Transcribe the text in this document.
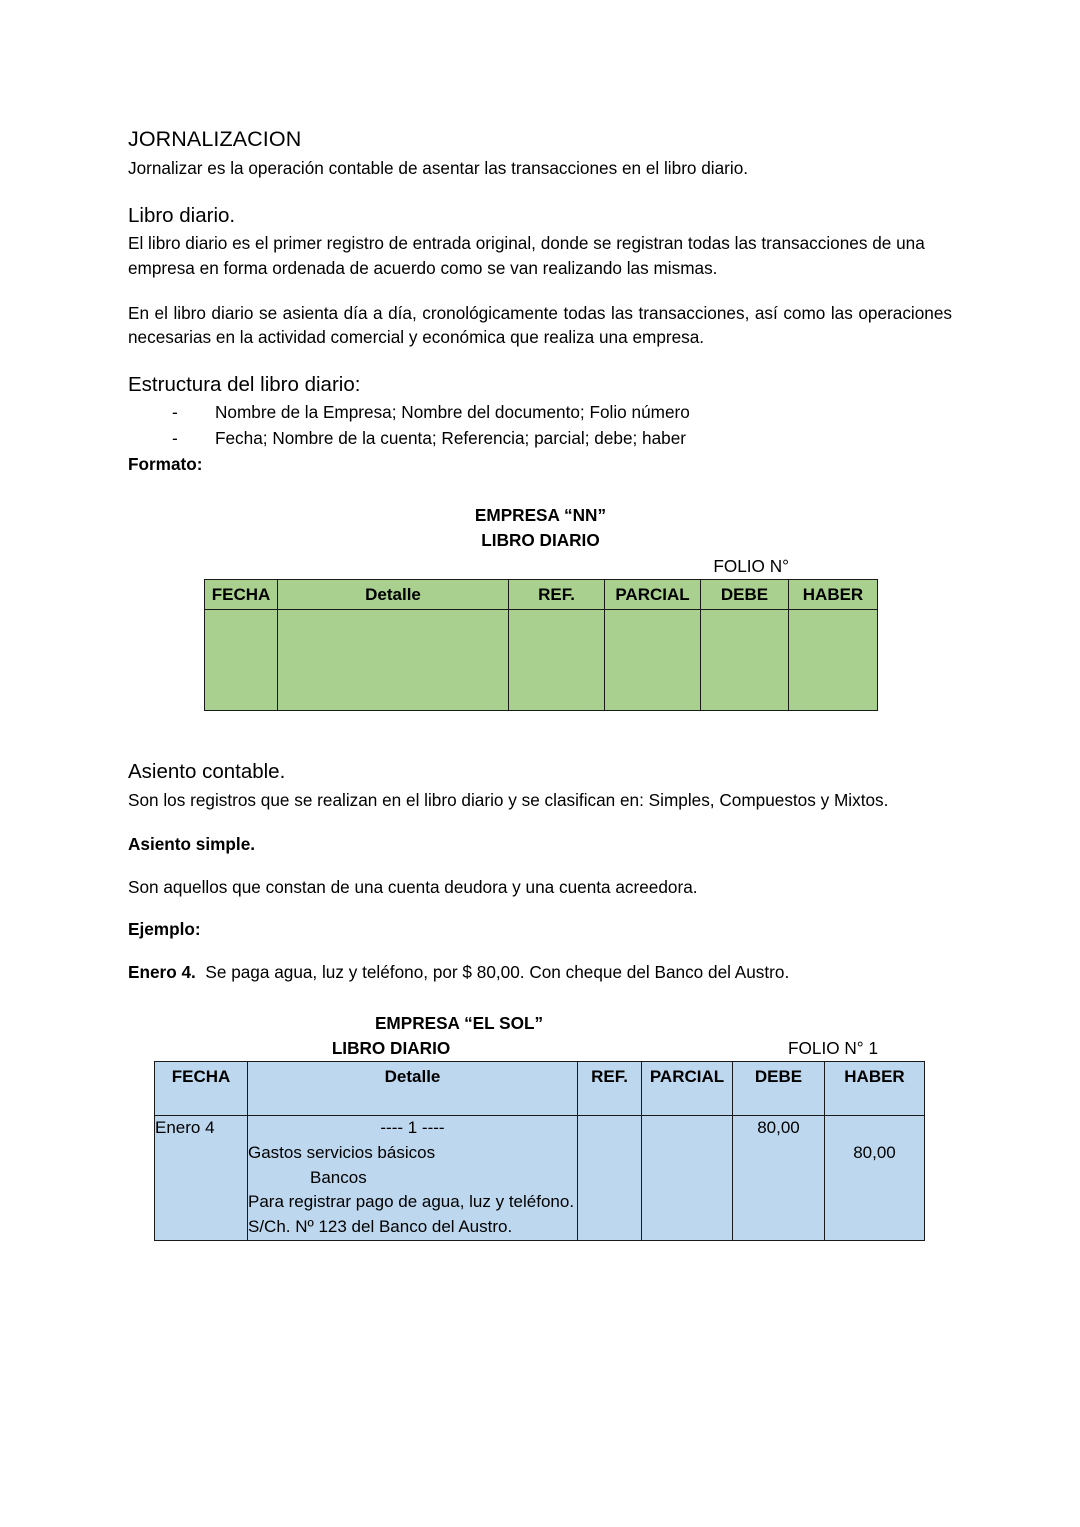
JORNALIZACION

Jornalizar es la operación contable de asentar las transacciones en el libro diario.

Libro diario.

El libro diario es el primer registro de entrada original, donde se registran todas las transacciones de una empresa en forma ordenada de acuerdo como se van realizando las mismas.

En el libro diario se asienta día a día, cronológicamente todas las transacciones, así como las operaciones necesarias en la actividad comercial y económica que realiza una empresa.

Estructura del libro diario:
- Nombre de la Empresa; Nombre del documento; Folio número
- Fecha; Nombre de la cuenta; Referencia; parcial; debe; haber

Formato:

EMPRESA “NN”
LIBRO DIARIO
FOLIO N°
FECHA	Detalle	REF.	PARCIAL	DEBE	HABER

Asiento contable.

Son los registros que se realizan en el libro diario y se clasifican en: Simples, Compuestos y Mixtos.

Asiento simple.

Son aquellos que constan de una cuenta deudora y una cuenta acreedora.

Ejemplo:

Enero 4. Se paga agua, luz y teléfono, por $ 80,00. Con cheque del Banco del Austro.

EMPRESA “EL SOL”
LIBRO DIARIO	FOLIO N° 1
FECHA	Detalle	REF.	PARCIAL	DEBE	HABER

Enero 4	---- 1 ----
Gastos servicios básicos
Bancos
Para registrar pago de agua, luz y teléfono.
S/Ch. Nº 123 del Banco del Austro.			80,00	80,00
